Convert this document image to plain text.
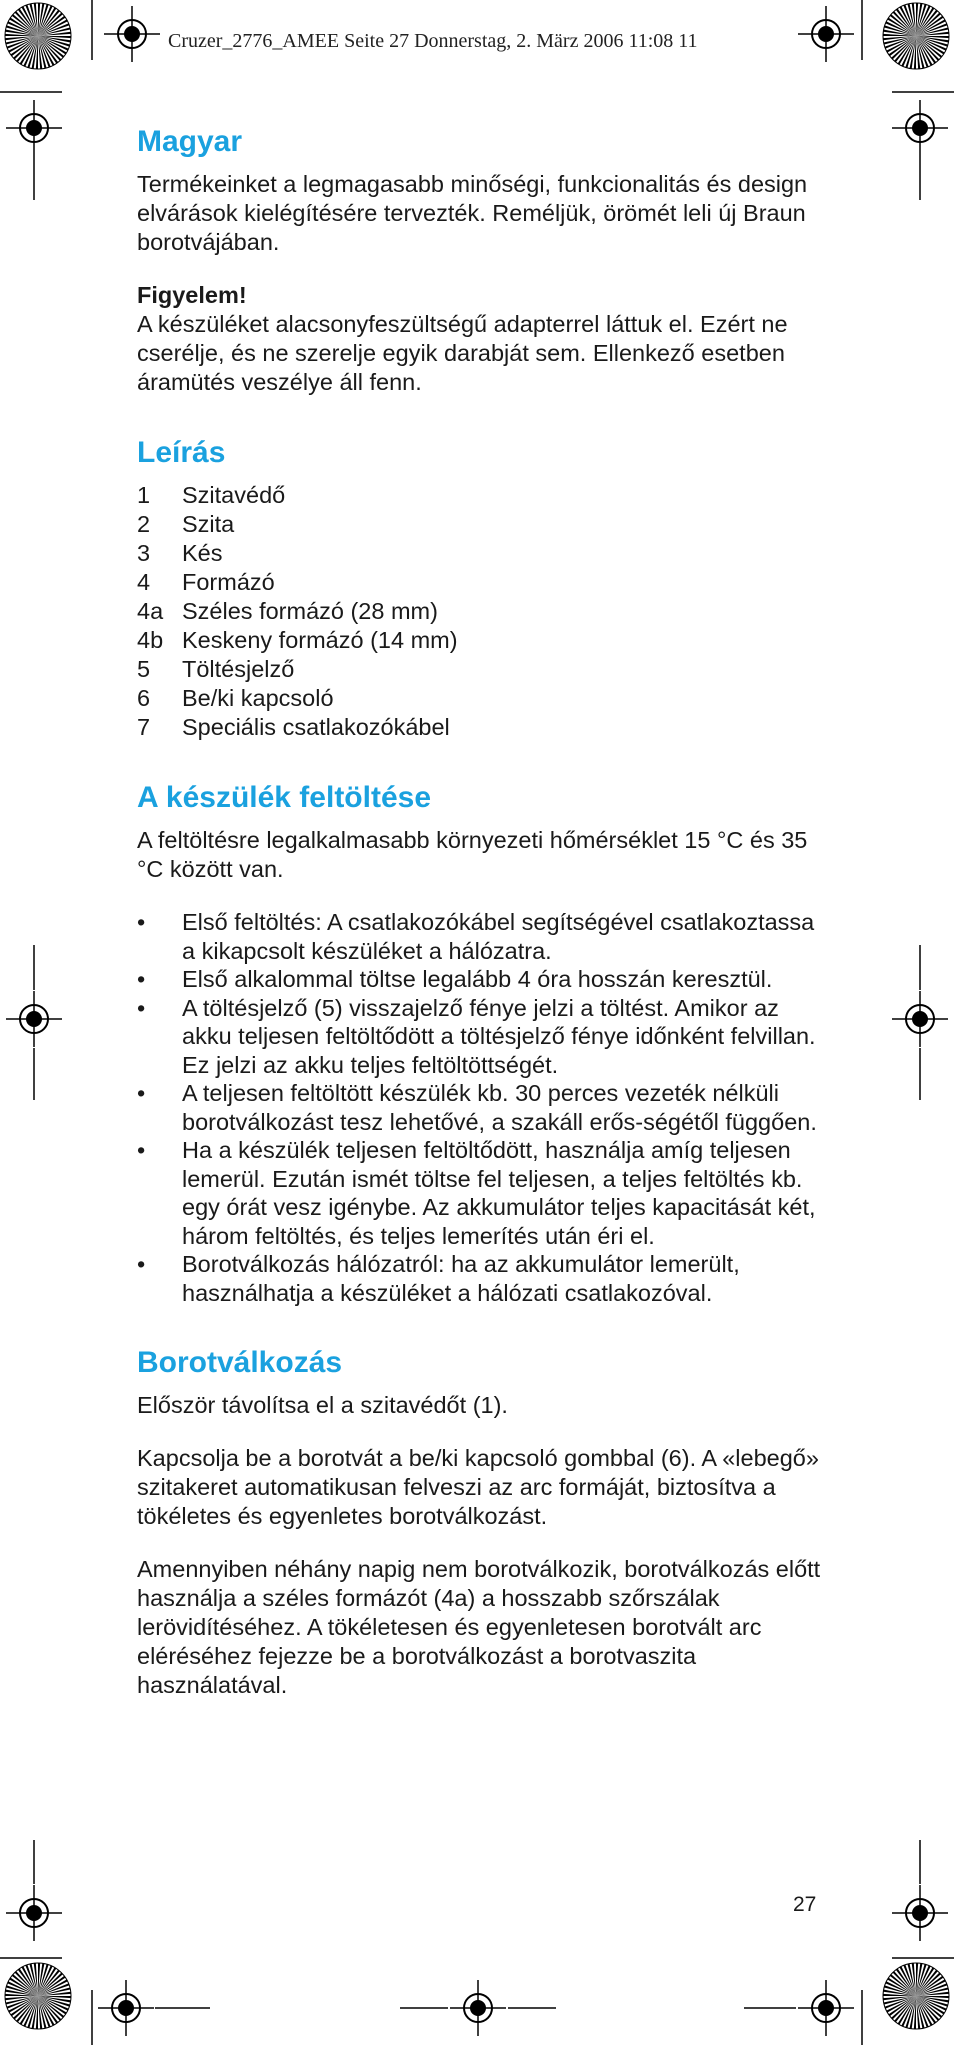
Cruzer_2776_AMEE Seite 27 Donnerstag, 2. März 2006 11:08 11
Magyar

Termékeinket a legmagasabb minőségi, funkcionalitás és design elvárások kielégítésére tervezték. Reméljük, örömét leli új Braun borotvájában.

Figyelem!

A készüléket alacsonyfeszültségű adapterrel láttuk el. Ezért ne cserélje, és ne szerelje egyik darabját sem. Ellenkező esetben áramütés veszélye áll fenn.

Leírás
1	Szitavédő
2	Szita
3	Kés
4	Formázó
4a Széles formázó (28 mm)
4b Keskeny formázó (14 mm)
5	Töltésjelző
6	Be/ki kapcsoló
7	Speciális csatlakozókábel
A készülék feltöltése

A feltöltésre legalkalmasabb környezeti hőmérséklet 15 °C és 35 °C között van.

•	Első feltöltés: A csatlakozókábel segítségével csatlakoztassa a kikapcsolt készüléket a hálózatra.
•	Első alkalommal töltse legalább 4 óra hosszán keresztül.
•	A töltésjelző (5) visszajelző fénye jelzi a töltést. Amikor az akku teljesen feltöltődött a töltésjelző fénye időnként felvillan. Ez jelzi az akku teljes feltöltöttségét.
•	A teljesen feltöltött készülék kb. 30 perces vezeték nélküli borotválkozást tesz lehetővé, a szakáll erős-ségétől függően.
•	Ha a készülék teljesen feltöltődött, használja amíg teljesen lemerül. Ezután ismét töltse fel teljesen, a teljes feltöltés kb. egy órát vesz igénybe. Az akkumulátor teljes kapacitását két, három feltöltés, és teljes lemerítés után éri el.
•	Borotválkozás hálózatról: ha az akkumulátor lemerült, használhatja a készüléket a hálózati csatlakozóval.
Borotválkozás

Először távolítsa el a szitavédőt (1).

Kapcsolja be a borotvát a be/ki kapcsoló gombbal (6). A «lebegő» szitakeret automatikusan felveszi az arc formáját, biztosítva a tökéletes és egyenletes borotválkozást.

Amennyiben néhány napig nem borotválkozik, borotválkozás előtt használja a széles formázót (4a) a hosszabb szőrszálak lerövidítéséhez. A tökéletesen és egyenletesen borotvált arc eléréséhez fejezze be a borotválkozást a borotvaszita használatával.

27
